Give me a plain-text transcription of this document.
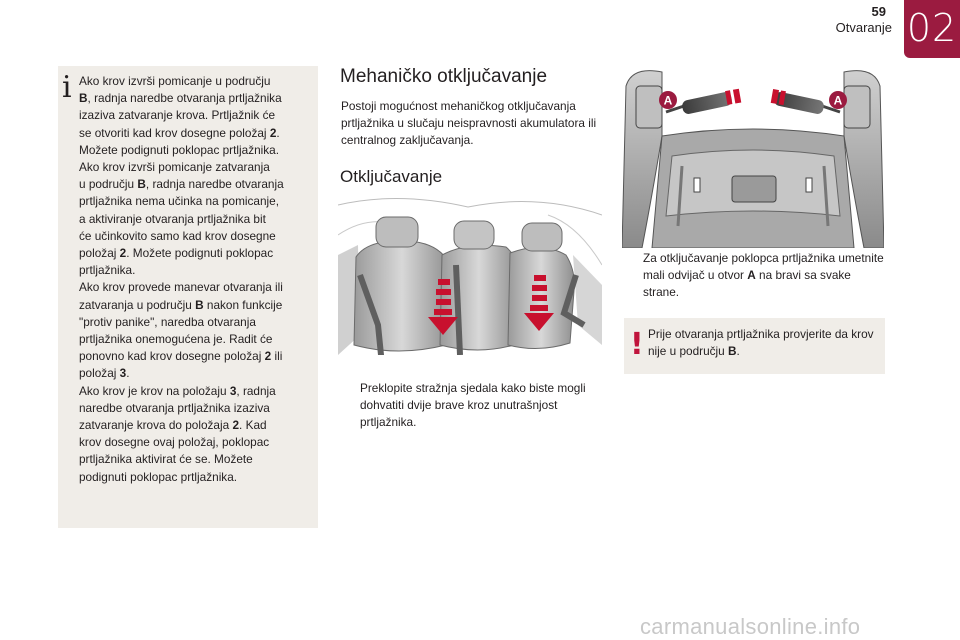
59
Otvaranje 02
i Ako krov izvrši pomicanje u području

B, radnja naredbe otvaranja prtljažnika

izaziva zatvaranje krova. Prtljažnik će

se otvoriti kad krov dosegne položaj 2.

Možete podignuti poklopac prtljažnika.

Ako krov izvrši pomicanje zatvaranja

u području B, radnja naredbe otvaranja

prtljažnika nema učinka na pomicanje,

a aktiviranje otvaranja prtljažnika bit

će učinkovito samo kad krov dosegne

položaj 2. Možete podignuti poklopac

prtljažnika.

Ako krov provede manevar otvaranja ili

zatvaranja u području B nakon funkcije

"protiv panike", naredba otvaranja

prtljažnika onemogućena je. Radit će

ponovno kad krov dosegne položaj 2 ili

položaj 3.

Ako krov je krov na položaju 3, radnja

naredbe otvaranja prtljažnika izaziva

zatvaranje krova do položaja 2. Kad

krov dosegne ovaj položaj, poklopac

prtljažnika aktivirat će se. Možete

podignuti poklopac prtljažnika.

Mehaničko otključavanje
Postoji mogućnost mehaničkog otključavanja prtljažnika u slučaju neispravnosti akumulatora ili centralnog zaključavanja.
Otključavanje
Preklopite stražnja sjedala kako biste mogli dohvatiti dvije brave kroz unutrašnjost prtljažnika.
A	A
Za otključavanje poklopca prtljažnika umetnite mali odvijač u otvor A na bravi sa svake strane.
! Prije otvaranja prtljažnika provjerite da krov nije u području B.
carmanualsonline.info
